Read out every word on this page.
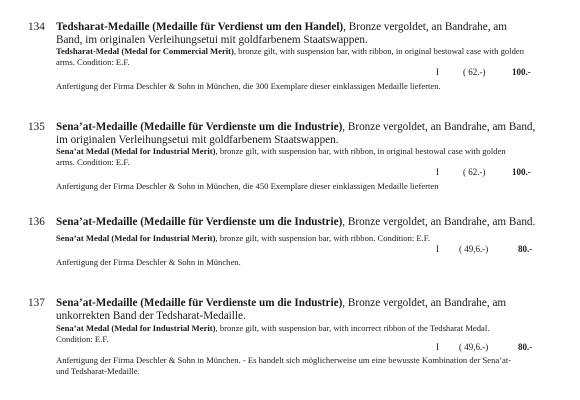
134 Tedsharat-Medaille (Medaille für Verdienst um den Handel), Bronze vergoldet, an Bandrahe, am Band, im originalen Verleihungsetui mit goldfarbenem Staatswappen.
Tedsharat-Medal (Medal for Commercial Merit), bronze gilt, with suspension bar, with ribbon, in original bestowal case with golden arms. Condition: E.F.
I	( 62.-)	100.-
Anfertigung der Firma Deschler & Sohn in München, die 300 Exemplare dieser einklassigen Medaille lieferten.
135 Sena’at-Medaille (Medaille für Verdienste um die Industrie), Bronze vergoldet, an Bandrahe, am Band, im originalen Verleihungsetui mit goldfarbenem Staatswappen.
Sena’at Medal (Medal for Industrial Merit), bronze gilt, with suspension bar, with ribbon, in original bestowal case with golden arms. Condition: E.F.
I	( 62.-)	100.-
Anfertigung der Firma Deschler & Sohn in München, die 450 Exemplare dieser einklassigen Medaille lieferten
136 Sena’at-Medaille (Medaille für Verdienste um die Industrie), Bronze vergoldet, an Bandrahe, am Band.
Sena’at Medal (Medal for Industrial Merit), bronze gilt, with suspension bar, with ribbon. Condition: E.F.
I ( 49,6.-)	80.-
Anfertigung der Firma Deschler & Sohn in München.
137 Sena’at-Medaille (Medaille für Verdienste um die Industrie), Bronze vergoldet, an Bandrahe, am unkorrekten Band der Tedsharat-Medaille.
Sena’at Medal (Medal for Industrial Merit), bronze gilt, with suspension bar, with incorrect ribbon of the Tedsharat Medal. Condition: E.F.
I ( 49,6.-)	80.-
Anfertigung der Firma Deschler & Sohn in München. - Es handelt sich möglicherweise um eine bewusste Kombination der Sena’at- und Tedsharat-Medaille.
